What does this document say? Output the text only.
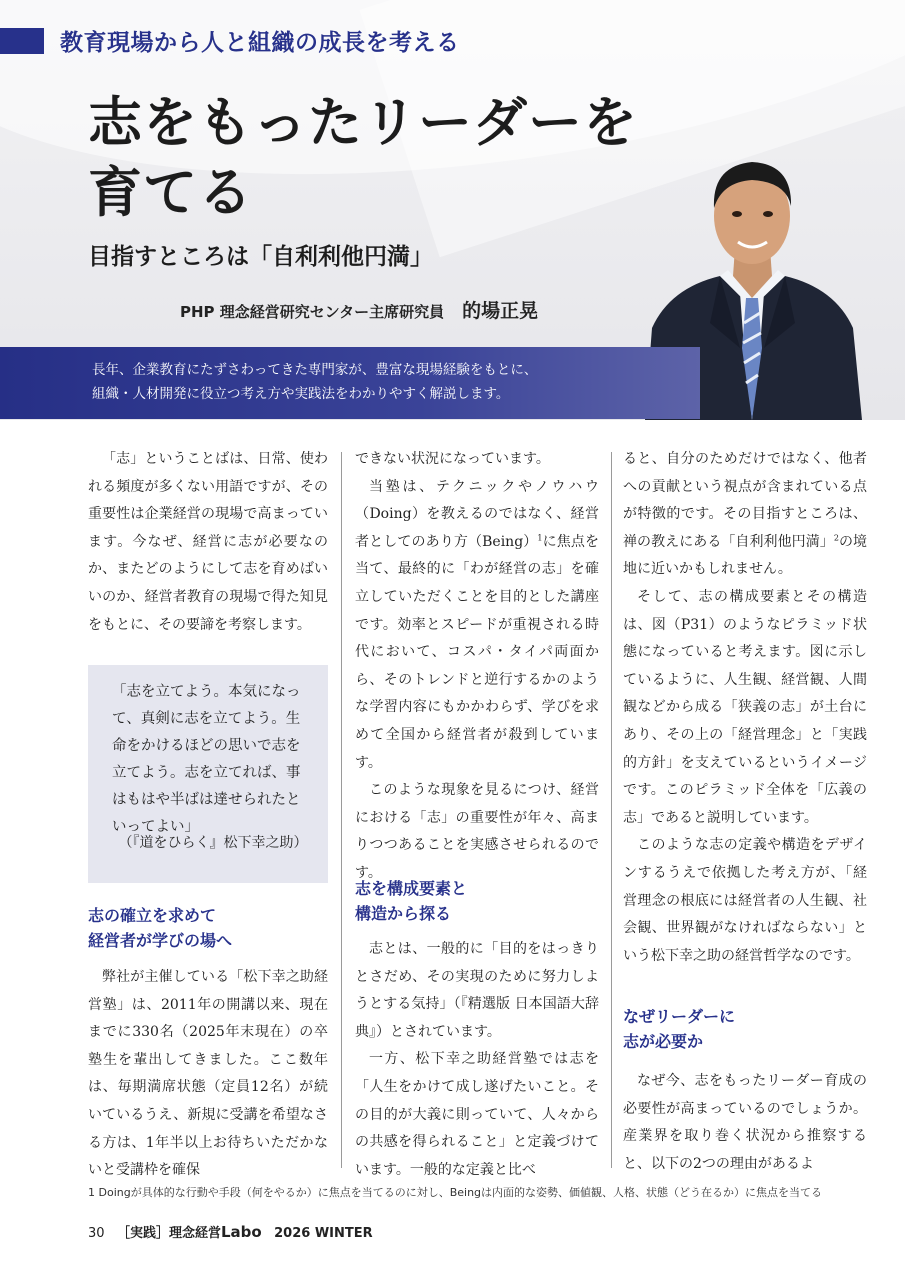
教育現場から人と組織の成長を考える
志をもったリーダーを
育てる
目指すところは「自利利他円満」
PHP 理念経営研究センター主席研究員 的場正晃
長年、企業教育にたずさわってきた専門家が、豊富な現場経験をもとに、
組織・人材開発に役立つ考え方や実践法をわかりやすく解説します。

「志」ということばは、日常、使われる頻度が多くない用語ですが、その重要性は企業経営の現場で高まっています。今なぜ、経営に志が必要なのか、またどのようにして志を育めばいいのか、経営者教育の現場で得た知見をもとに、その要諦を考察します。

「志を立てよう。本気になって、真剣に志を立てよう。生命をかけるほどの思いで志を立てよう。志を立てれば、事はもはや半ばは達せられたといってよい」
（『道をひらく』松下幸之助）
志の確立を求めて
経営者が学びの場へ

弊社が主催している「松下幸之助経営塾」は、2011年の開講以来、現在までに330名（2025年末現在）の卒塾生を輩出してきました。ここ数年は、毎期満席状態（定員12名）が続いているうえ、新規に受講を希望なさる方は、1年半以上お待ちいただかないと受講枠を確保

できない状況になっています。

当塾は、テクニックやノウハウ（Doing）を教えるのではなく、経営者としてのあり方（Being）$^1$に焦点を当て、最終的に「わが経営の志」を確立していただくことを目的とした講座です。効率とスピードが重視される時代において、コスパ・タイパ両面から、そのトレンドと逆行するかのような学習内容にもかかわらず、学びを求めて全国から経営者が殺到しています。

このような現象を見るにつけ、経営における「志」の重要性が年々、高まりつつあることを実感させられるのです。

志を構成要素と
構造から探る

志とは、一般的に「目的をはっきりとさだめ、その実現のために努力しようとする気持」（『精選版 日本国語大辞典』）とされています。

一方、松下幸之助経営塾では志を「人生をかけて成し遂げたいこと。その目的が大義に則っていて、人々からの共感を得られること」と定義づけています。一般的な定義と比べ

ると、自分のためだけではなく、他者への貢献という視点が含まれている点が特徴的です。その目指すところは、禅の教えにある「自利利他円満」$^2$の境地に近いかもしれません。

そして、志の構成要素とその構造は、図（P31）のようなピラミッド状態になっていると考えます。図に示しているように、人生観、経営観、人間観などから成る「狭義の志」が土台にあり、その上の「経営理念」と「実践的方針」を支えているというイメージです。このピラミッド全体を「広義の志」であると説明しています。

このような志の定義や構造をデザインするうえで依拠した考え方が、「経営理念の根底には経営者の人生観、社会観、世界観がなければならない」という松下幸之助の経営哲学なのです。

なぜリーダーに
志が必要か

なぜ今、志をもったリーダー育成の必要性が高まっているのでしょうか。産業界を取り巻く状況から推察すると、以下の2つの理由があるよ

1 Doingが具体的な行動や手段（何をやるか）に焦点を当てるのに対し、Beingは内面的な姿勢、価値観、人格、状態（どう在るか）に焦点を当てる
30 ［実践］理念経営Labo 2026 WINTER
